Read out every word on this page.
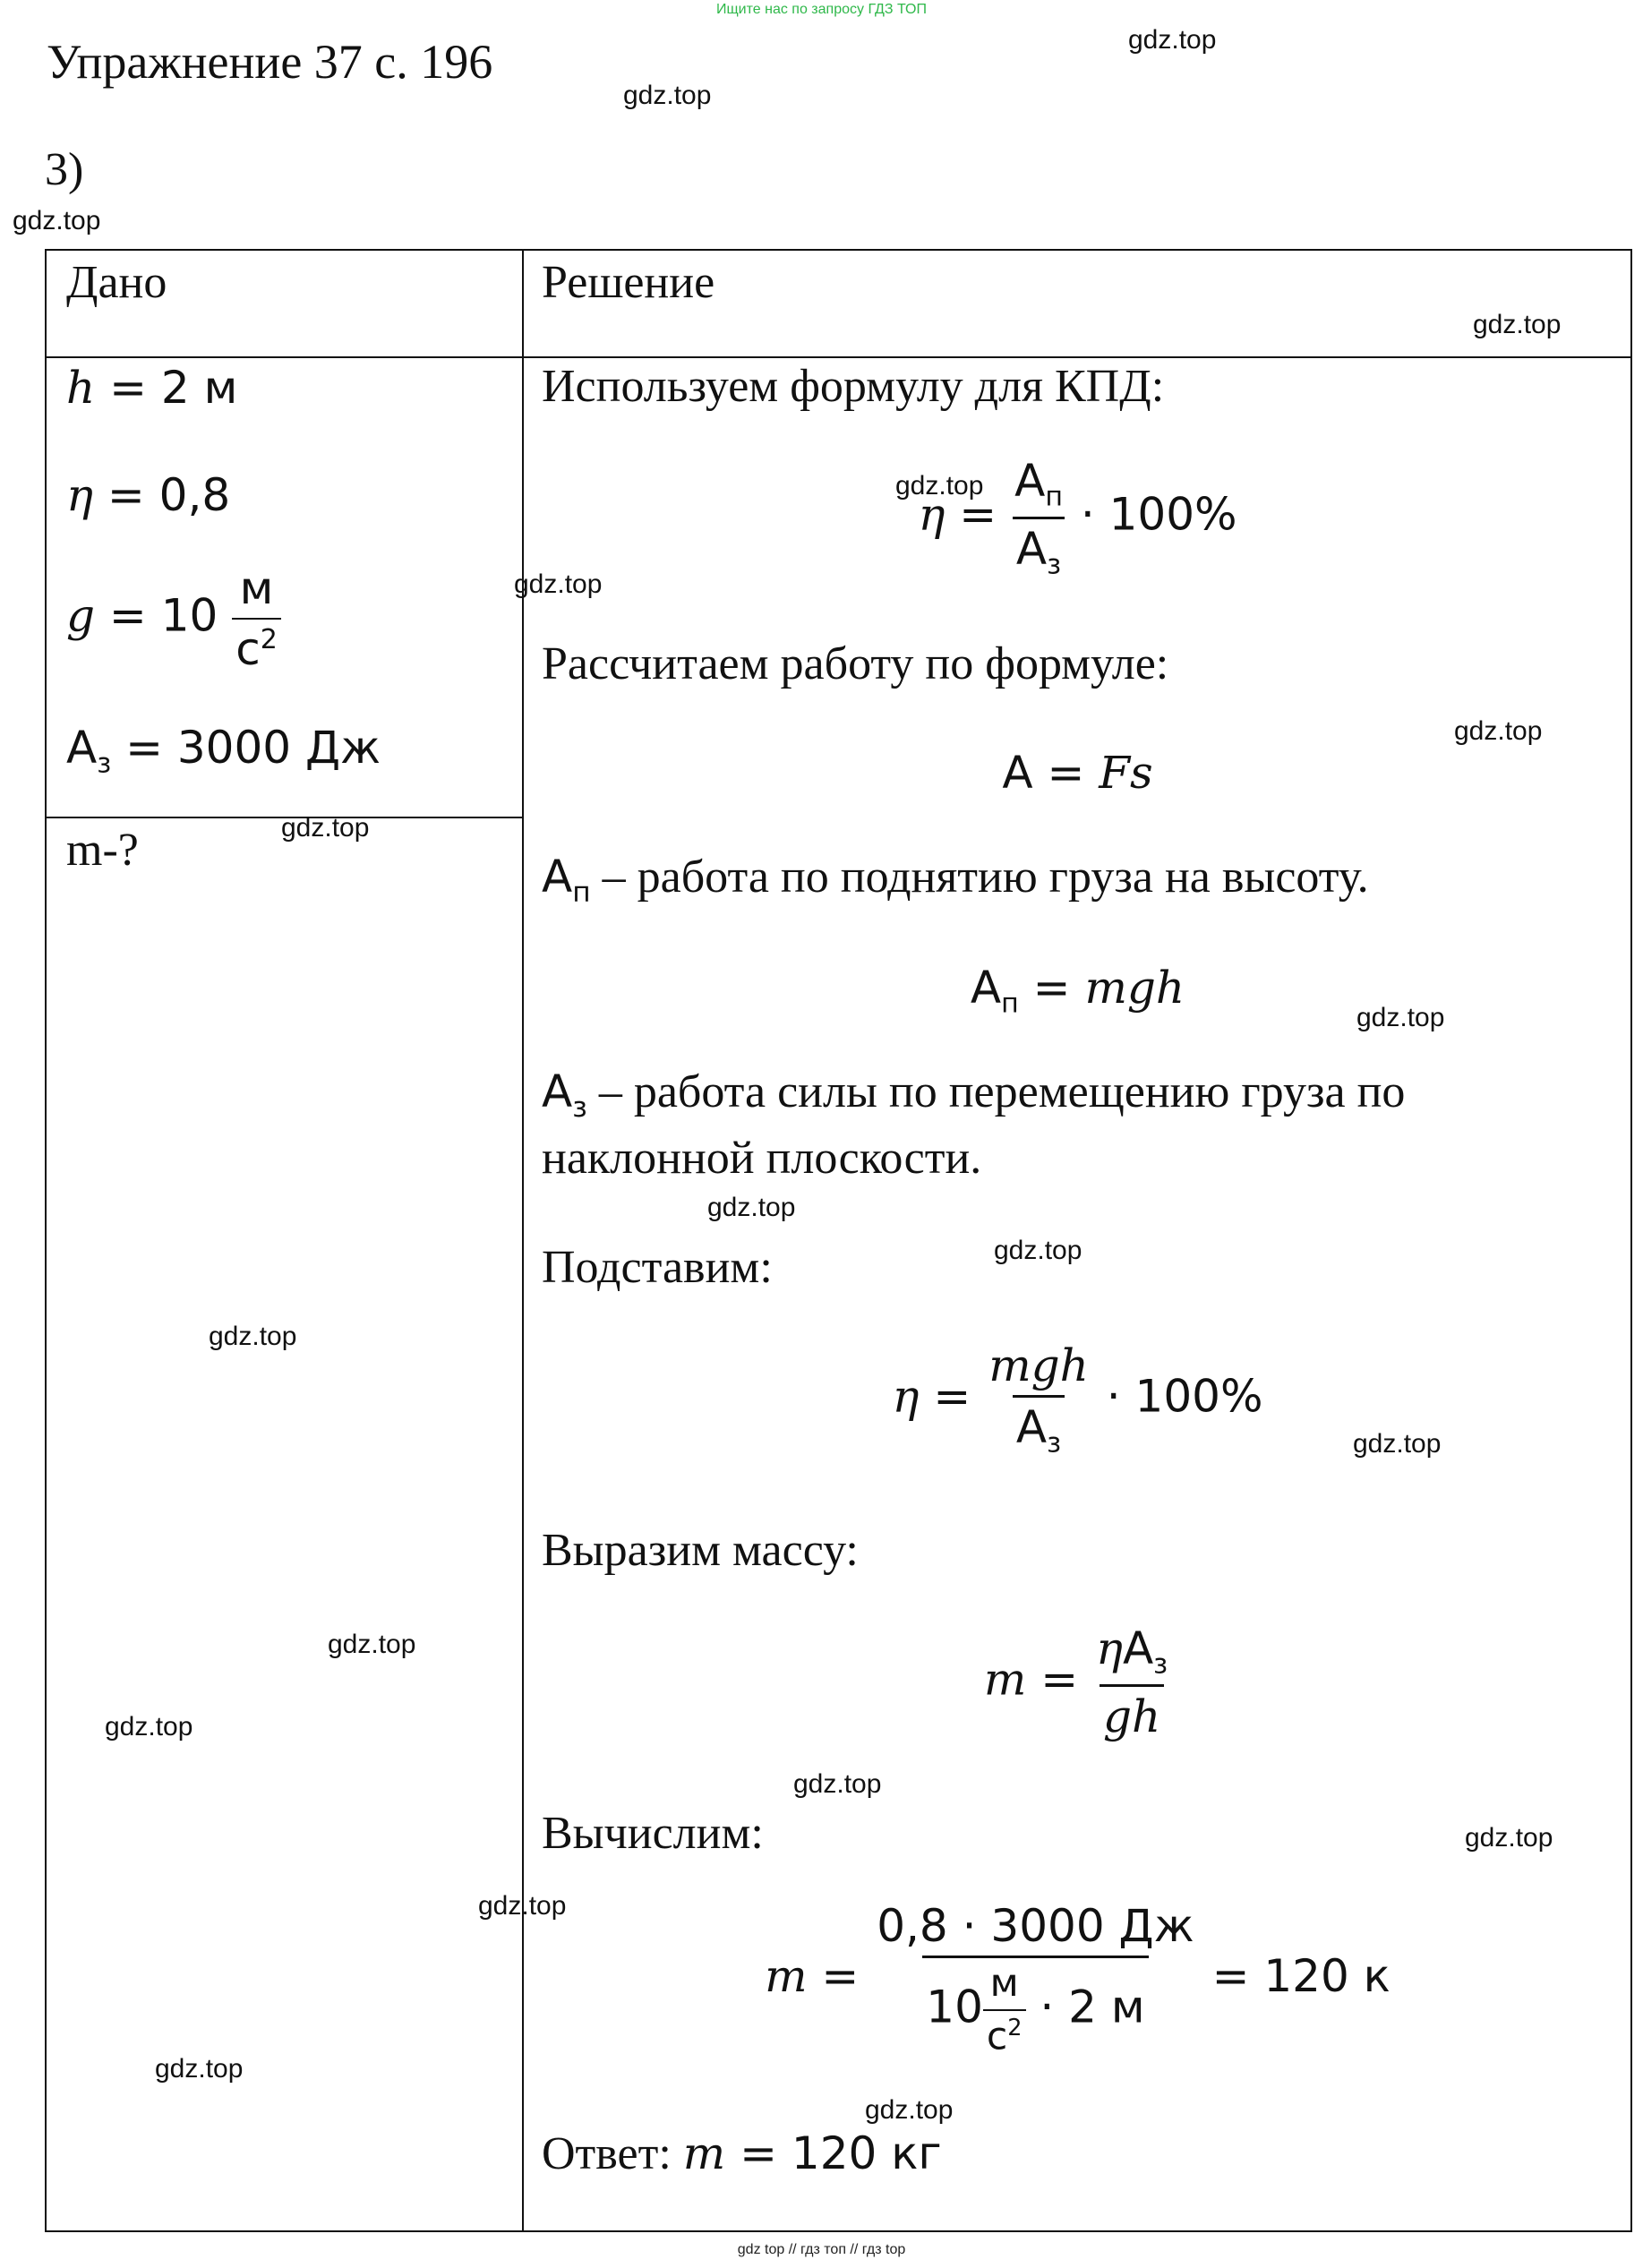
Ищите нас по запросу ГДЗ ТОП
Упражнение 37 с. 196
3)
Дано	Решение
h = 2 м
η = 0,8
$g = 10 \frac{м}{с^2}$
$А_з = 3000$ Дж
m-?
Используем формулу для КПД:
$\eta = \frac{А_п}{А_з} \cdot 100\%$
Рассчитаем работу по формуле:
А = Fs
$А_п$ – работа по поднятию груза на высоту.
$А_п$ = mgh
$А_з$ – работа силы по перемещению груза по
наклонной плоскости.
Подставим:
$\eta = \frac{\text{mgh}}{А_з} \cdot 100\%$
Выразим массу:
$m = \frac{\eta А_з}{gh}$
Вычислим:
$m = \frac{0,8 \cdot 3000 Дж}{10 \frac{м}{с^2} \cdot 2 м} = 120$ к
Ответ: m = 120 кг
gdz.top
gdz.top
gdz.top
gdz.top
gdz.top
gdz.top
gdz.top
gdz.top
gdz.top
gdz.top
gdz.top
gdz.top
gdz.top
gdz.top
gdz.top
gdz.top
gdz.top
gdz.top
gdz.top
gdz.top
gdz top // гдз топ // гдз top
